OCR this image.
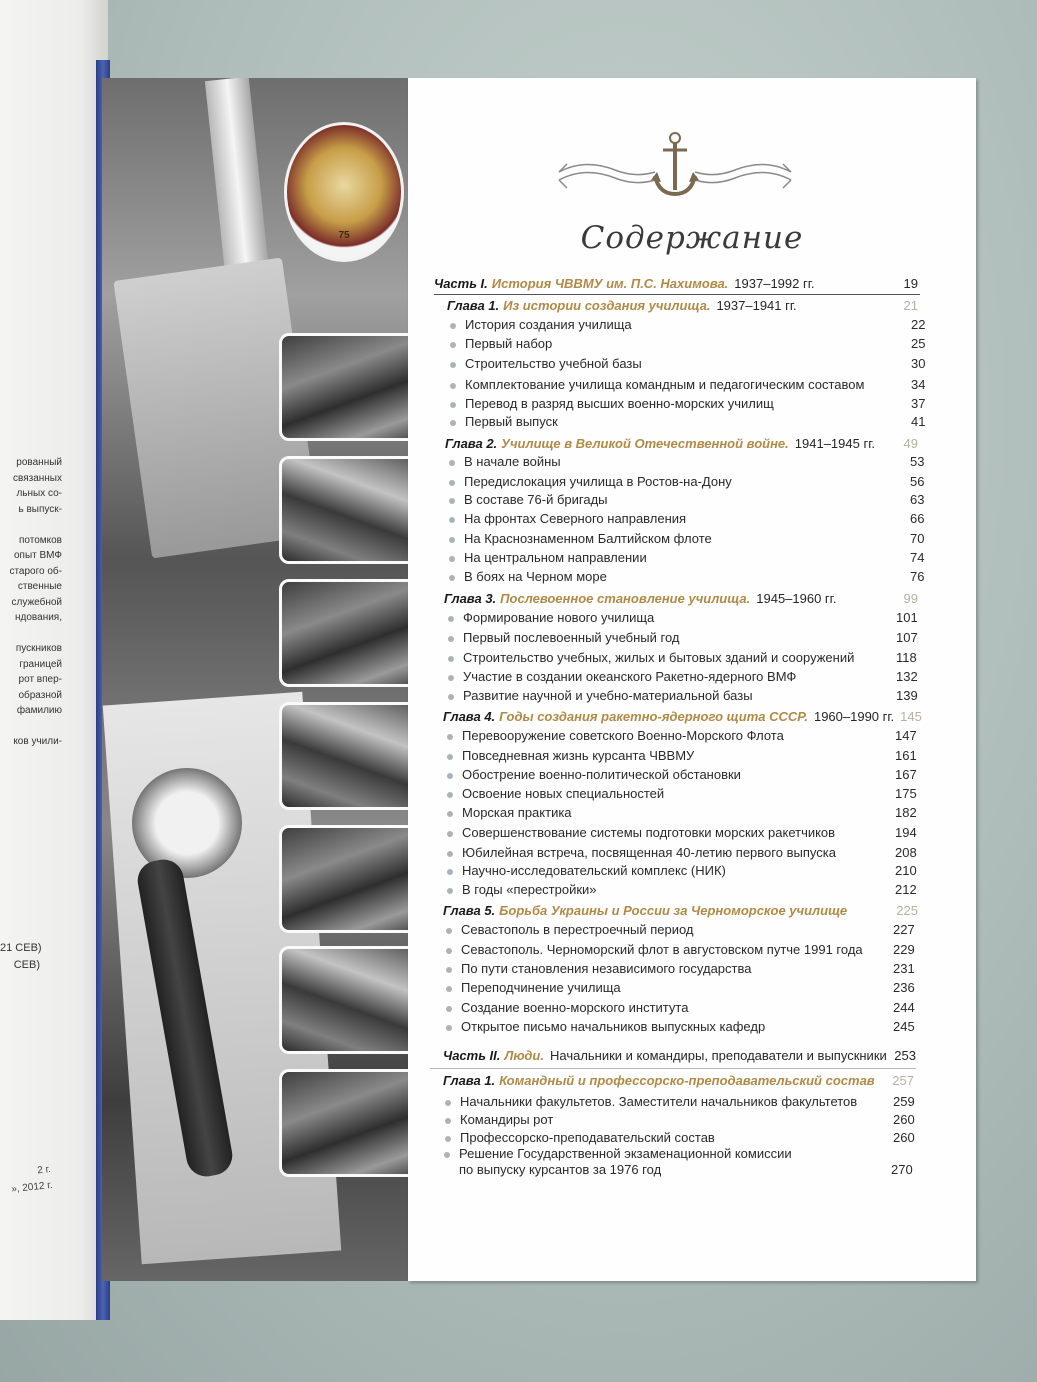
рованный
связанных
льных со-
ь выпуск-

потомков
опыт ВМФ
старого об-
ственные
служебной
ндования,

пускников
границей
рот впер-
образной
фамилию

ков учили-
21 СЕВ)
СЕВ)
2 г.
», 2012 г.
75	Содержание
Часть I. История ЧВВМУ им. П.С. Нахимова. 1937–1992 гг.	19
Глава 1. Из истории создания училища. 1937–1941 гг.	21
История создания училища	22
Первый набор	25
Строительство учебной базы	30
Комплектование училища командным и педагогическим составом	34
Перевод в разряд высших военно-морских училищ	37
Первый выпуск	41
Глава 2. Училище в Великой Отечественной войне. 1941–1945 гг.	49
В начале войны	53
Передислокация училища в Ростов-на-Дону	56
В составе 76-й бригады	63
На фронтах Северного направления	66
На Краснознаменном Балтийском флоте	70
На центральном направлении	74
В боях на Черном море	76
Глава 3. Послевоенное становление училища. 1945–1960 гг.	99
Формирование нового училища	101
Первый послевоенный учебный год	107
Строительство учебных, жилых и бытовых зданий и сооружений	118
Участие в создании океанского Ракетно-ядерного ВМФ	132
Развитие научной и учебно-материальной базы	139
Глава 4. Годы создания ракетно-ядерного щита СССР. 1960–1990 гг. 145
Перевооружение советского Военно-Морского Флота	147
Повседневная жизнь курсанта ЧВВМУ	161
Обострение военно-политической обстановки	167
Освоение новых специальностей	175
Морская практика	182
Совершенствование системы подготовки морских ракетчиков	194
Юбилейная встреча, посвященная 40-летию первого выпуска	208
Научно-исследовательский комплекс (НИК)	210
В годы «перестройки»	212
Глава 5. Борьба Украины и России за Черноморское училище	225
Севастополь в перестроечный период	227
Севастополь. Черноморский флот в августовском путче 1991 года 229
По пути становления независимого государства	231
Переподчинение училища	236
Создание военно-морского института	244
Открытое письмо начальников выпускных кафедр	245
Часть II. Люди. Начальники и командиры, преподаватели и выпускники 253
Глава 1. Командный и профессорско-преподавательский состав	257
Начальники факультетов. Заместители начальников факультетов	259
Командиры рот	260
Профессорско-преподавательский состав	260
Решение Государственной экзаменационной комиссии
по выпуску курсантов за 1976 год	270
